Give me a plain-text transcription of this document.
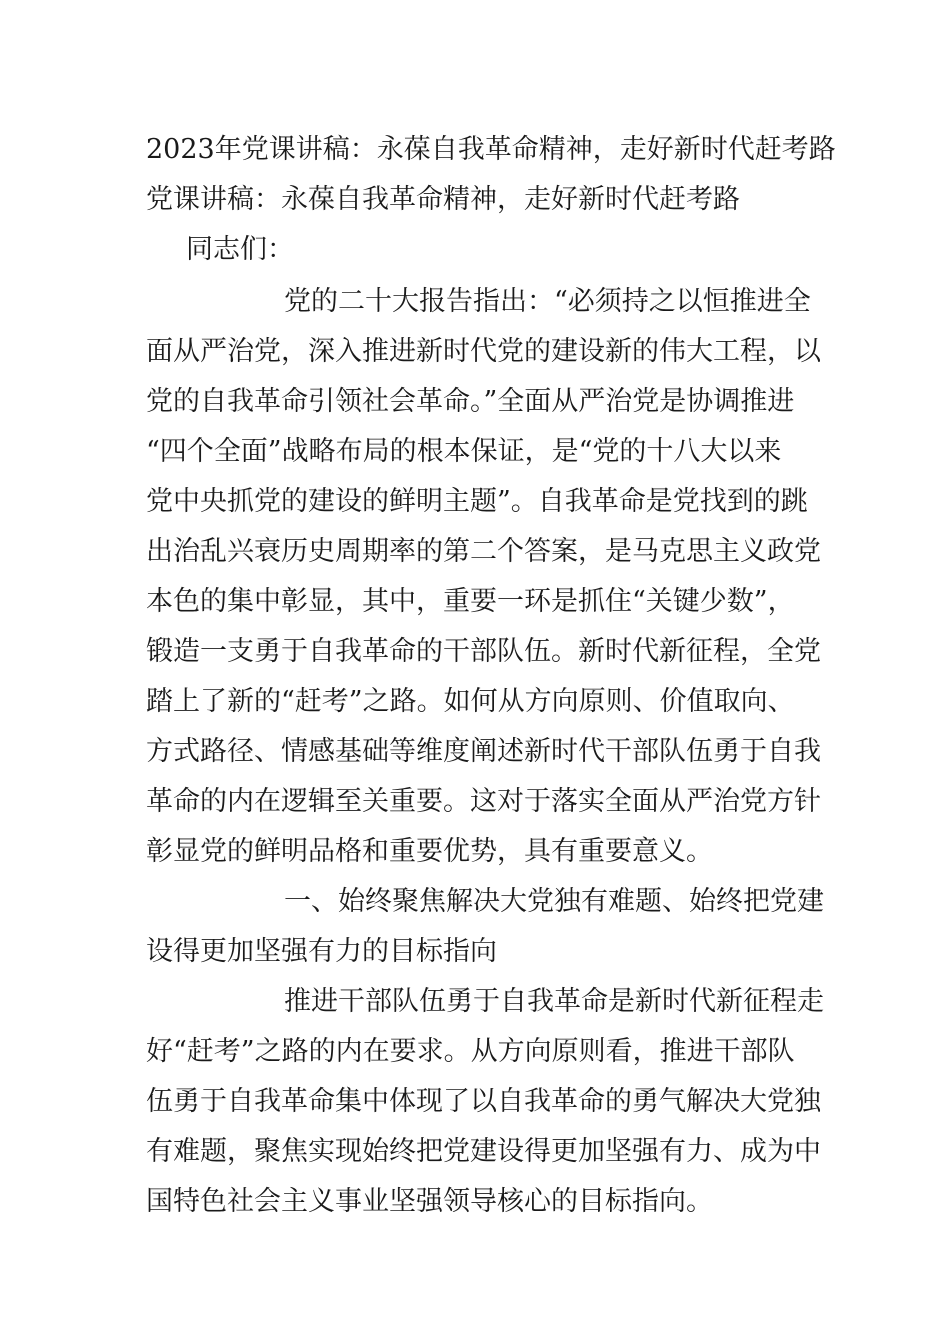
2023年党课讲稿：永葆自我革命精神，走好新时代赶考路
党课讲稿：永葆自我革命精神，走好新时代赶考路
同志们：
党的二十大报告指出：“必须持之以恒推进全
面从严治党，深入推进新时代党的建设新的伟大工程，以
党的自我革命引领社会革命。”全面从严治党是协调推进
“四个全面”战略布局的根本保证，是“党的十八大以来
党中央抓党的建设的鲜明主题”。自我革命是党找到的跳
出治乱兴衰历史周期率的第二个答案，是马克思主义政党
本色的集中彰显，其中，重要一环是抓住“关键少数”，
锻造一支勇于自我革命的干部队伍。新时代新征程，全党
踏上了新的“赶考”之路。如何从方向原则、价值取向、
方式路径、情感基础等维度阐述新时代干部队伍勇于自我
革命的内在逻辑至关重要。这对于落实全面从严治党方针
彰显党的鲜明品格和重要优势，具有重要意义。
一、始终聚焦解决大党独有难题、始终把党建
设得更加坚强有力的目标指向
推进干部队伍勇于自我革命是新时代新征程走
好“赶考”之路的内在要求。从方向原则看，推进干部队
伍勇于自我革命集中体现了以自我革命的勇气解决大党独
有难题，聚焦实现始终把党建设得更加坚强有力、成为中
国特色社会主义事业坚强领导核心的目标指向。
